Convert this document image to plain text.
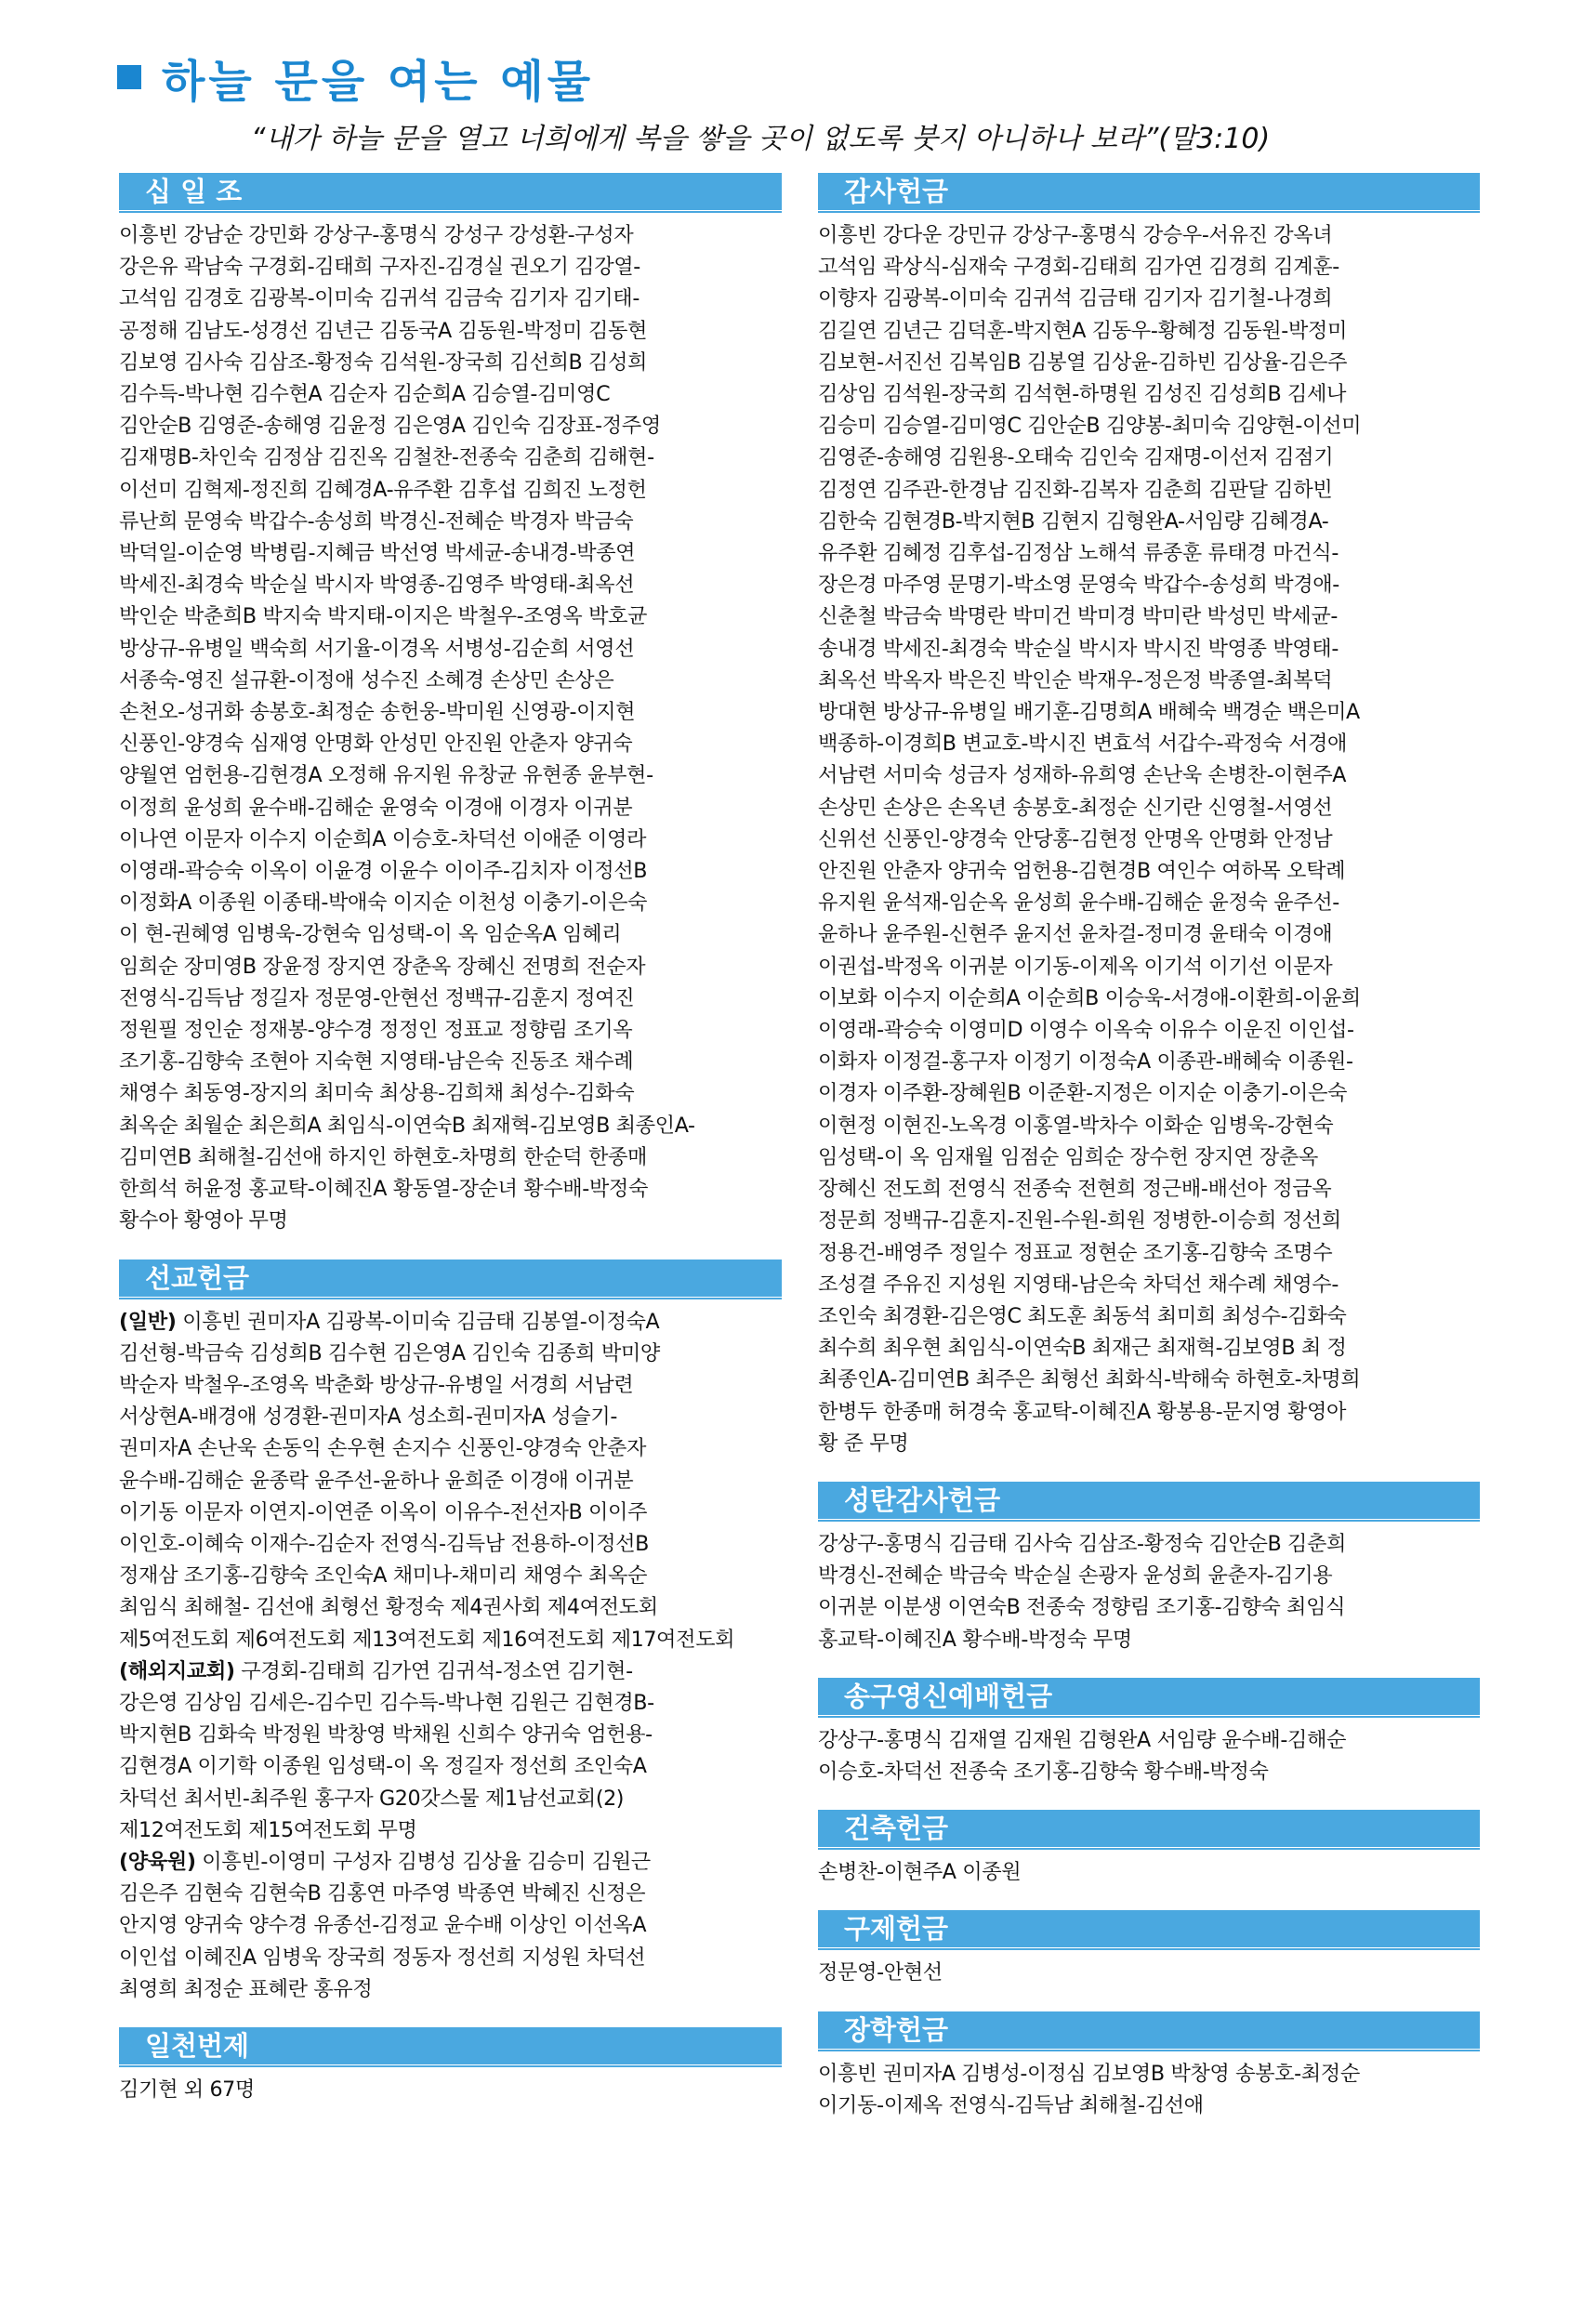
하늘 문을 여는 예물
“내가 하늘 문을 열고 너희에게 복을 쌓을 곳이 없도록 붓지 아니하나 보라”(말3:10)
십 일 조
이흥빈 강남순 강민화 강상구-홍명식 강성구 강성환-구성자
강은유 곽남숙 구경회-김태희 구자진-김경실 권오기 김강열-
고석임 김경호 김광복-이미숙 김귀석 김금숙 김기자 김기태-
공정해 김남도-성경선 김년근 김동국A 김동원-박정미 김동현
김보영 김사숙 김삼조-황정숙 김석원-장국희 김선희B 김성희
김수득-박나현 김수현A 김순자 김순희A 김승열-김미영C
김안순B 김영준-송해영 김윤정 김은영A 김인숙 김장표-정주영
김재명B-차인숙 김정삼 김진옥 김철찬-전종숙 김춘희 김해현-
이선미 김혁제-정진희 김혜경A-유주환 김후섭 김희진 노정헌
류난희 문영숙 박갑수-송성희 박경신-전혜순 박경자 박금숙
박덕일-이순영 박병림-지혜금 박선영 박세균-송내경-박종연
박세진-최경숙 박순실 박시자 박영종-김영주 박영태-최옥선
박인순 박춘희B 박지숙 박지태-이지은 박철우-조영옥 박호균
방상규-유병일 백숙희 서기율-이경옥 서병성-김순희 서영선
서종숙-영진 설규환-이정애 성수진 소혜경 손상민 손상은
손천오-성귀화 송봉호-최정순 송헌웅-박미원 신영광-이지현
신풍인-양경숙 심재영 안명화 안성민 안진원 안춘자 양귀숙
양월연 엄헌용-김현경A 오정해 유지원 유창균 유현종 윤부현-
이정희 윤성희 윤수배-김해순 윤영숙 이경애 이경자 이귀분
이나연 이문자 이수지 이순희A 이승호-차덕선 이애준 이영라
이영래-곽승숙 이옥이 이윤경 이윤수 이이주-김치자 이정선B
이정화A 이종원 이종태-박애숙 이지순 이천성 이충기-이은숙
이 현-권혜영 임병욱-강현숙 임성택-이 옥 임순옥A 임혜리
임희순 장미영B 장윤정 장지연 장춘옥 장혜신 전명희 전순자
전영식-김득남 정길자 정문영-안현선 정백규-김훈지 정여진
정원필 정인순 정재봉-양수경 정정인 정표교 정향림 조기옥
조기홍-김향숙 조현아 지숙현 지영태-남은숙 진동조 채수례
채영수 최동영-장지의 최미숙 최상용-김희채 최성수-김화숙
최옥순 최월순 최은희A 최임식-이연숙B 최재혁-김보영B 최종인A-
김미연B 최해철-김선애 하지인 하현호-차명희 한순덕 한종매
한희석 허윤정 홍교탁-이혜진A 황동열-장순녀 황수배-박정숙
황수아 황영아 무명
선교헌금
(일반) 이흥빈 권미자A 김광복-이미숙 김금태 김봉열-이정숙A
김선형-박금숙 김성희B 김수현 김은영A 김인숙 김종희 박미양
박순자 박철우-조영옥 박춘화 방상규-유병일 서경희 서남련
서상현A-배경애 성경환-권미자A 성소희-권미자A 성슬기-
권미자A 손난욱 손동익 손우현 손지수 신풍인-양경숙 안춘자
윤수배-김해순 윤종락 윤주선-윤하나 윤희준 이경애 이귀분
이기동 이문자 이연지-이연준 이옥이 이유수-전선자B 이이주
이인호-이혜숙 이재수-김순자 전영식-김득남 전용하-이정선B
정재삼 조기홍-김향숙 조인숙A 채미나-채미리 채영수 최옥순
최임식 최해철- 김선애 최형선 황정숙 제4권사회 제4여전도회
제5여전도회 제6여전도회 제13여전도회 제16여전도회 제17여전도회
(해외지교회) 구경회-김태희 김가연 김귀석-정소연 김기현-
강은영 김상임 김세은-김수민 김수득-박나현 김원근 김현경B-
박지현B 김화숙 박정원 박창영 박채원 신희수 양귀숙 엄헌용-
김현경A 이기학 이종원 임성택-이 옥 정길자 정선희 조인숙A
차덕선 최서빈-최주원 홍구자 G20갓스물 제1남선교회(2)
제12여전도회 제15여전도회 무명
(양육원) 이흥빈-이영미 구성자 김병성 김상율 김승미 김원근
김은주 김현숙 김현숙B 김홍연 마주영 박종연 박혜진 신정은
안지영 양귀숙 양수경 유종선-김정교 윤수배 이상인 이선옥A
이인섭 이혜진A 임병욱 장국희 정동자 정선희 지성원 차덕선
최영희 최정순 표혜란 홍유정
일천번제
김기현 외 67명
감사헌금
이흥빈 강다운 강민규 강상구-홍명식 강승우-서유진 강옥녀
고석임 곽상식-심재숙 구경회-김태희 김가연 김경희 김계훈-
이향자 김광복-이미숙 김귀석 김금태 김기자 김기철-나경희
김길연 김년근 김덕훈-박지현A 김동우-황혜정 김동원-박정미
김보현-서진선 김복임B 김봉열 김상윤-김하빈 김상율-김은주
김상임 김석원-장국희 김석현-하명원 김성진 김성희B 김세나
김승미 김승열-김미영C 김안순B 김양봉-최미숙 김양현-이선미
김영준-송해영 김원용-오태숙 김인숙 김재명-이선저 김점기
김정연 김주관-한경남 김진화-김복자 김춘희 김판달 김하빈
김한숙 김현경B-박지현B 김현지 김형완A-서임량 김혜경A-
유주환 김혜정 김후섭-김정삼 노해석 류종훈 류태경 마건식-
장은경 마주영 문명기-박소영 문영숙 박갑수-송성희 박경애-
신춘철 박금숙 박명란 박미건 박미경 박미란 박성민 박세균-
송내경 박세진-최경숙 박순실 박시자 박시진 박영종 박영태-
최옥선 박옥자 박은진 박인순 박재우-정은정 박종열-최복덕
방대현 방상규-유병일 배기훈-김명희A 배혜숙 백경순 백은미A
백종하-이경희B 변교호-박시진 변효석 서갑수-곽정숙 서경애
서남련 서미숙 성금자 성재하-유희영 손난욱 손병찬-이현주A
손상민 손상은 손옥년 송봉호-최정순 신기란 신영철-서영선
신위선 신풍인-양경숙 안당홍-김현정 안명옥 안명화 안정남
안진원 안춘자 양귀숙 엄헌용-김현경B 여인수 여하목 오탁례
유지원 윤석재-임순옥 윤성희 윤수배-김해순 윤정숙 윤주선-
윤하나 윤주원-신현주 윤지선 윤차걸-정미경 윤태숙 이경애
이권섭-박정옥 이귀분 이기동-이제옥 이기석 이기선 이문자
이보화 이수지 이순희A 이순희B 이승욱-서경애-이환희-이윤희
이영래-곽승숙 이영미D 이영수 이옥숙 이유수 이운진 이인섭-
이화자 이정걸-홍구자 이정기 이정숙A 이종관-배혜숙 이종원-
이경자 이주환-장혜원B 이준환-지정은 이지순 이충기-이은숙
이현정 이현진-노옥경 이홍열-박차수 이화순 임병욱-강현숙
임성택-이 옥 임재월 임점순 임희순 장수헌 장지연 장춘옥
장혜신 전도희 전영식 전종숙 전현희 정근배-배선아 정금옥
정문희 정백규-김훈지-진원-수원-희원 정병한-이승희 정선희
정용건-배영주 정일수 정표교 정현순 조기홍-김향숙 조명수
조성결 주유진 지성원 지영태-남은숙 차덕선 채수례 채영수-
조인숙 최경환-김은영C 최도훈 최동석 최미희 최성수-김화숙
최수희 최우현 최임식-이연숙B 최재근 최재혁-김보영B 최 정
최종인A-김미연B 최주은 최형선 최화식-박해숙 하현호-차명희
한병두 한종매 허경숙 홍교탁-이혜진A 황봉용-문지영 황영아
황 준 무명
성탄감사헌금
강상구-홍명식 김금태 김사숙 김삼조-황정숙 김안순B 김춘희
박경신-전혜순 박금숙 박순실 손광자 윤성희 윤춘자-김기용
이귀분 이분생 이연숙B 전종숙 정향림 조기홍-김향숙 최임식
홍교탁-이혜진A 황수배-박정숙 무명
송구영신예배헌금
강상구-홍명식 김재열 김재원 김형완A 서임량 윤수배-김해순
이승호-차덕선 전종숙 조기홍-김향숙 황수배-박정숙
건축헌금
손병찬-이현주A 이종원
구제헌금
정문영-안현선
장학헌금
이흥빈 권미자A 김병성-이정심 김보영B 박창영 송봉호-최정순
이기동-이제옥 전영식-김득남 최해철-김선애
